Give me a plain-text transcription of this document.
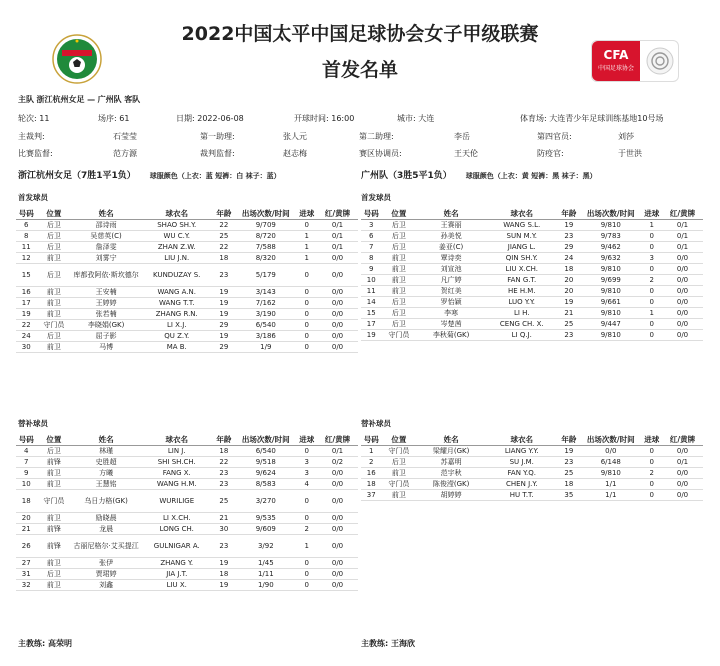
2022中国太平中国足球协会女子甲级联赛
首发名单
CFA
中国足球协会
主队 浙江杭州女足 — 广州队 客队
轮次: 11	场序: 61	日期: 2022-06-08	开球时间: 16:00	城市: 大连	体育场: 大连青少年足球训练基地10号场
主裁判:	石莹莹	第一助理:	张人元	第二助理:	李岳	第四官员:	刘莎
比赛监督:	范方源	裁判监督:	赵志梅	赛区协调员:	王天伦	防疫官:	于世洪
浙江杭州女足（7胜1平1负） 球服颜色（上衣：蓝 短裤：白 袜子：蓝）	广州队（3胜5平1负） 球服颜色（上衣：黄 短裤：黑 袜子：黑）
首发球员	首发球员
号码	位置	姓名	球衣名	年龄	出场次数/时间	进球	红/黄牌
6	后卫	邵诗雨	SHAO SH.Y.	22	9/709	0	0/1
8	后卫	吴慈英(C)	WU C.Y.	25	8/720	1	0/1
11	后卫	詹泽雯	ZHAN Z.W.	22	7/588	1	0/1
12	前卫	刘雾宁	LIU J.N.	18	8/320	1	0/0
15	后卫	库都孜阿依·斯坎德尔	KUNDUZAY S.	23	5/179	0	0/0
16	前卫	王安楠	WANG A.N.	19	3/143	0	0/0
17	前卫	王婷婷	WANG T.T.	19	7/162	0	0/0
19	前卫	张若楠	ZHANG R.N.	19	3/190	0	0/0
22	守门员	李晓娟(GK)	LI X.J.	29	6/540	0	0/0
24	后卫	屈子影	QU Z.Y.	19	3/186	0	0/0
30	前卫	马博	MA B.	29	1/9	0	0/0
号码	位置	姓名	球衣名	年龄	出场次数/时间	进球	红/黄牌
3	后卫	王赛丽	WANG S.L.	19	9/810	1	0/1
6	后卫	孙美悦	SUN M.Y.	23	9/783	0	0/1
7	后卫	姜亚(C)	JIANG L.	29	9/462	0	0/1
8	前卫	覃诗奕	QIN SH.Y.	24	9/632	3	0/0
9	前卫	刘宣池	LIU X.CH.	18	9/810	0	0/0
10	前卫	凡广婷	FAN G.T.	20	9/699	2	0/0
11	前卫	贺红美	HE H.M.	20	9/810	0	0/0
14	后卫	罗怡颖	LUO Y.Y.	19	9/661	0	0/0
15	后卫	李寒	LI H.	21	9/810	1	0/0
17	后卫	岑楚茜	CENG CH. X.	25	9/447	0	0/0
19	守门员	李秋菊(GK)	LI Q.J.	23	9/810	0	0/0
替补球员	替补球员
号码	位置	姓名	球衣名	年龄	出场次数/时间	进球	红/黄牌
4	后卫	林瑾	LIN J.	18	6/540	0	0/1
7	前锋	史胜超	SHI SH.CH.	22	9/518	3	0/2
9	前卫	方曦	FANG X.	23	9/624	3	0/0
10	前卫	王慧铭	WANG H.M.	23	8/583	4	0/0
18	守门员	乌日力格(GK)	WURILIGE	25	3/270	0	0/0
20	前卫	励晓晨	LI X.CH.	21	9/535	0	0/0
21	前锋	龙晨	LONG CH.	30	9/609	2	0/0
26	前锋	古丽尼格尔·艾买提江	GULNIGAR A.	23	3/92	1	0/0
27	前卫	张伊	ZHANG Y.	19	1/45	0	0/0
31	后卫	贾珺婷	JIA J.T.	18	1/11	0	0/0
32	前卫	刘鑫	LIU X.	19	1/90	0	0/0
号码	位置	姓名	球衣名	年龄	出场次数/时间	进球	红/黄牌
1	守门员	梁耀月(GK)	LIANG Y.Y.	19	0/0	0	0/0
2	后卫	苏嘉明	SU J.M.	23	6/148	0	0/1
16	前卫	范宇秋	FAN Y.Q.	25	9/810	2	0/0
18	守门员	陈俊滢(GK)	CHEN J.Y.	18	1/1	0	0/0
37	前卫	胡婷婷	HU T.T.	35	1/1	0	0/0
主教练: 高荣明	主教练: 王海欣
